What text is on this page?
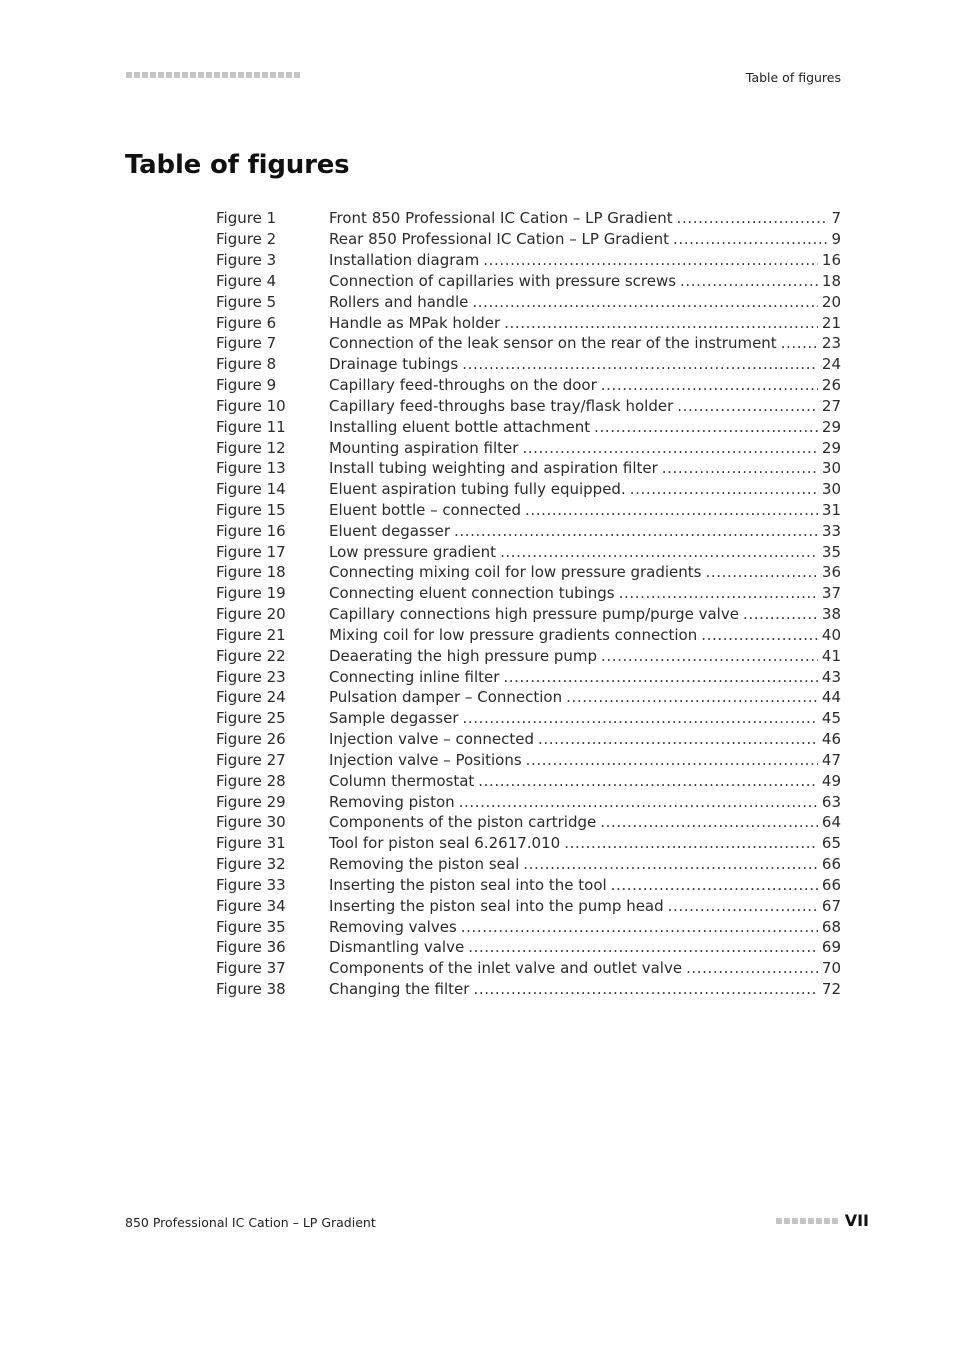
Table of figures
Table of figures
Figure 1	Front 850 Professional IC Cation – LP Gradient .....	7
Figure 2	Rear 850 Professional IC Cation – LP Gradient .....	9
Figure 3	Installation diagram .....	16
Figure 4	Connection of capillaries with pressure screws .....	18
Figure 5	Rollers and handle .....	20
Figure 6	Handle as MPak holder .....	21
Figure 7	Connection of the leak sensor on the rear of the instrument .....	23
Figure 8	Drainage tubings .....	24
Figure 9	Capillary feed-throughs on the door .....	26
Figure 10	Capillary feed-throughs base tray/flask holder .....	27
Figure 11	Installing eluent bottle attachment .....	29
Figure 12	Mounting aspiration filter .....	29
Figure 13	Install tubing weighting and aspiration filter .....	30
Figure 14	Eluent aspiration tubing fully equipped. .....	30
Figure 15	Eluent bottle – connected .....	31
Figure 16	Eluent degasser .....	33
Figure 17	Low pressure gradient .....	35
Figure 18	Connecting mixing coil for low pressure gradients .....	36
Figure 19	Connecting eluent connection tubings .....	37
Figure 20	Capillary connections high pressure pump/purge valve .....	38
Figure 21	Mixing coil for low pressure gradients connection .....	40
Figure 22	Deaerating the high pressure pump .....	41
Figure 23	Connecting inline filter .....	43
Figure 24	Pulsation damper – Connection .....	44
Figure 25	Sample degasser .....	45
Figure 26	Injection valve – connected .....	46
Figure 27	Injection valve – Positions .....	47
Figure 28	Column thermostat .....	49
Figure 29	Removing piston .....	63
Figure 30	Components of the piston cartridge .....	64
Figure 31	Tool for piston seal 6.2617.010 .....	65
Figure 32	Removing the piston seal .....	66
Figure 33	Inserting the piston seal into the tool .....	66
Figure 34	Inserting the piston seal into the pump head .....	67
Figure 35	Removing valves .....	68
Figure 36	Dismantling valve .....	69
Figure 37	Components of the inlet valve and outlet valve .....	70
Figure 38	Changing the filter .....	72
850 Professional IC Cation – LP Gradient	VII
